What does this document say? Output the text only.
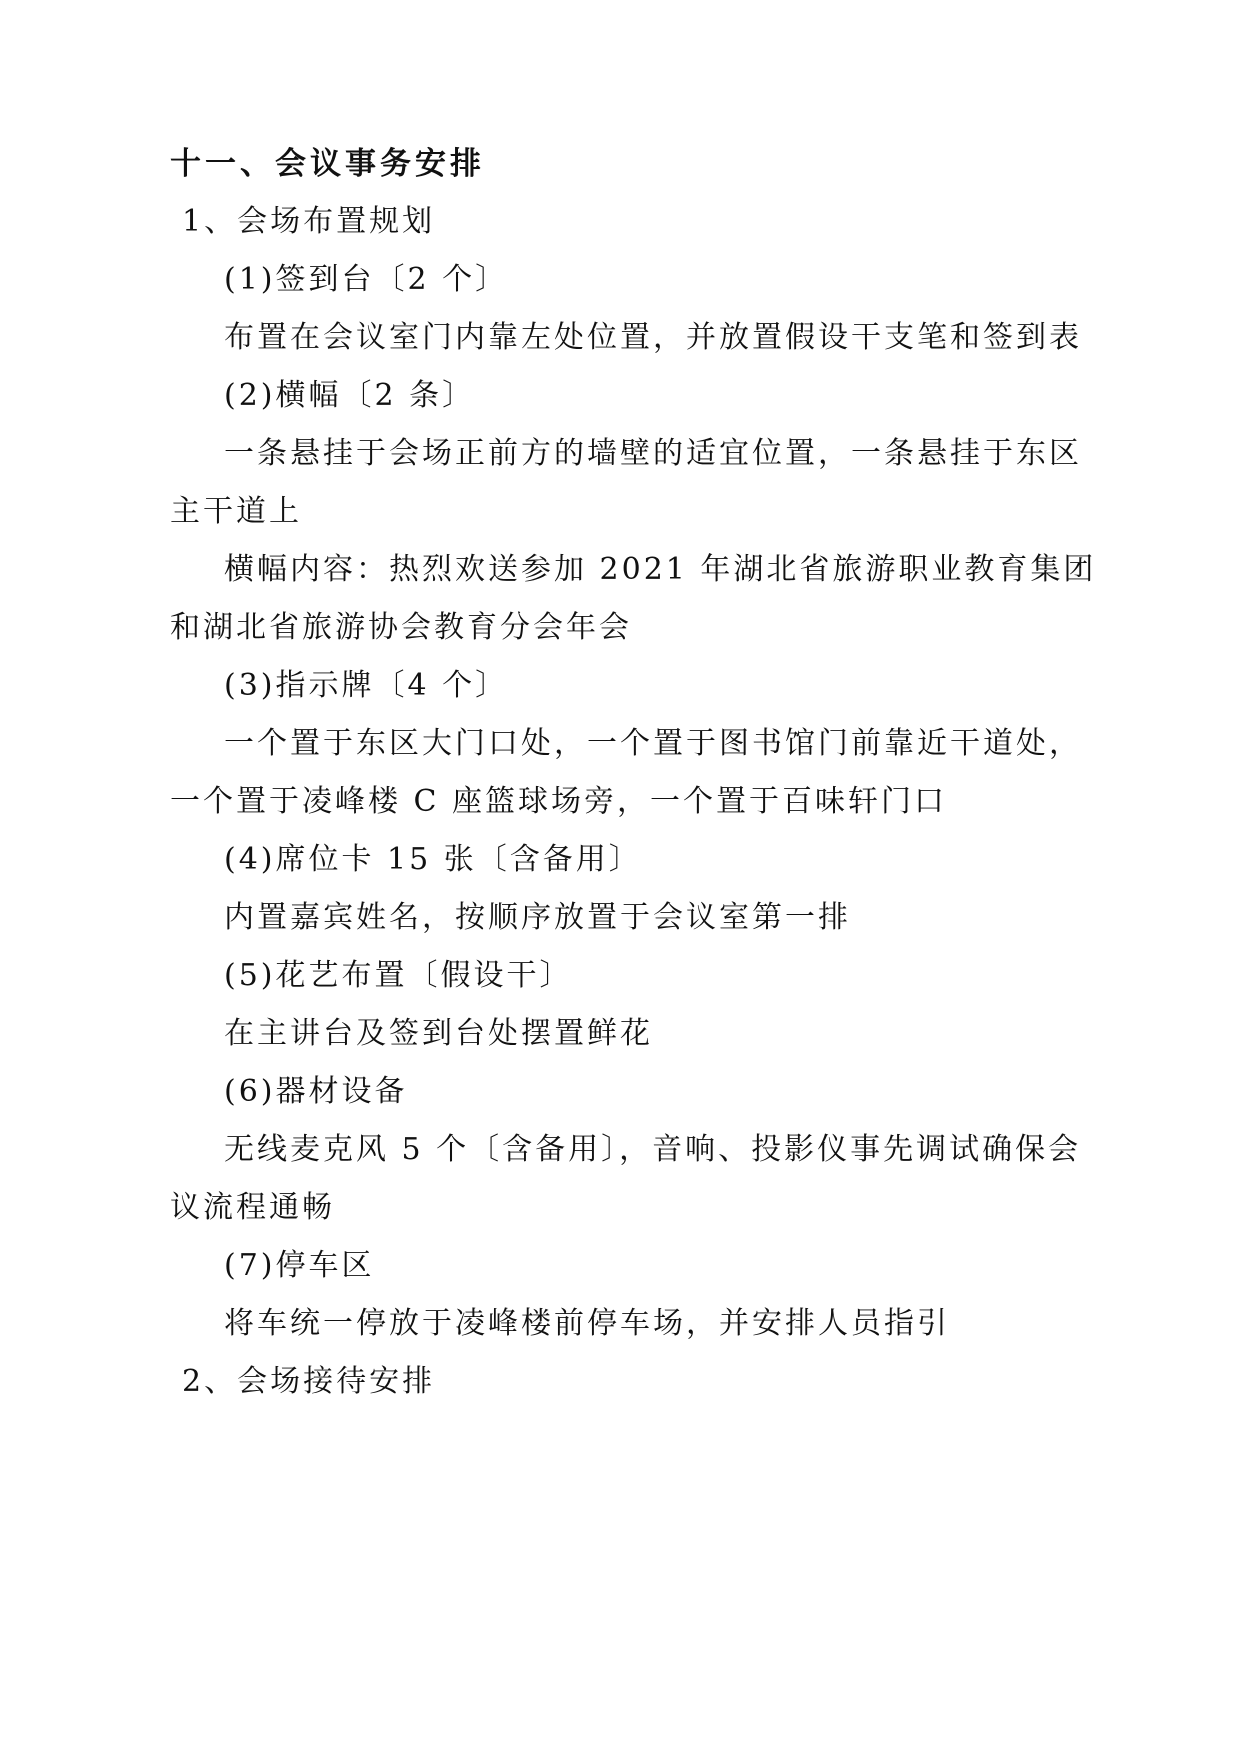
十一、会议事务安排
1、会场布置规划
(1)签到台〔2 个〕
布置在会议室门内靠左处位置，并放置假设干支笔和签到表
(2)横幅〔2 条〕
一条悬挂于会场正前方的墙壁的适宜位置，一条悬挂于东区
主干道上
横幅内容：热烈欢送参加 2021 年湖北省旅游职业教育集团
和湖北省旅游协会教育分会年会
(3)指示牌〔4 个〕
一个置于东区大门口处，一个置于图书馆门前靠近干道处，
一个置于凌峰楼 C 座篮球场旁，一个置于百味轩门口
(4)席位卡 15 张〔含备用〕
内置嘉宾姓名，按顺序放置于会议室第一排
(5)花艺布置〔假设干〕
在主讲台及签到台处摆置鲜花
(6)器材设备
无线麦克风 5 个〔含备用〕，音响、投影仪事先调试确保会
议流程通畅
(7)停车区
将车统一停放于凌峰楼前停车场，并安排人员指引
2、会场接待安排
